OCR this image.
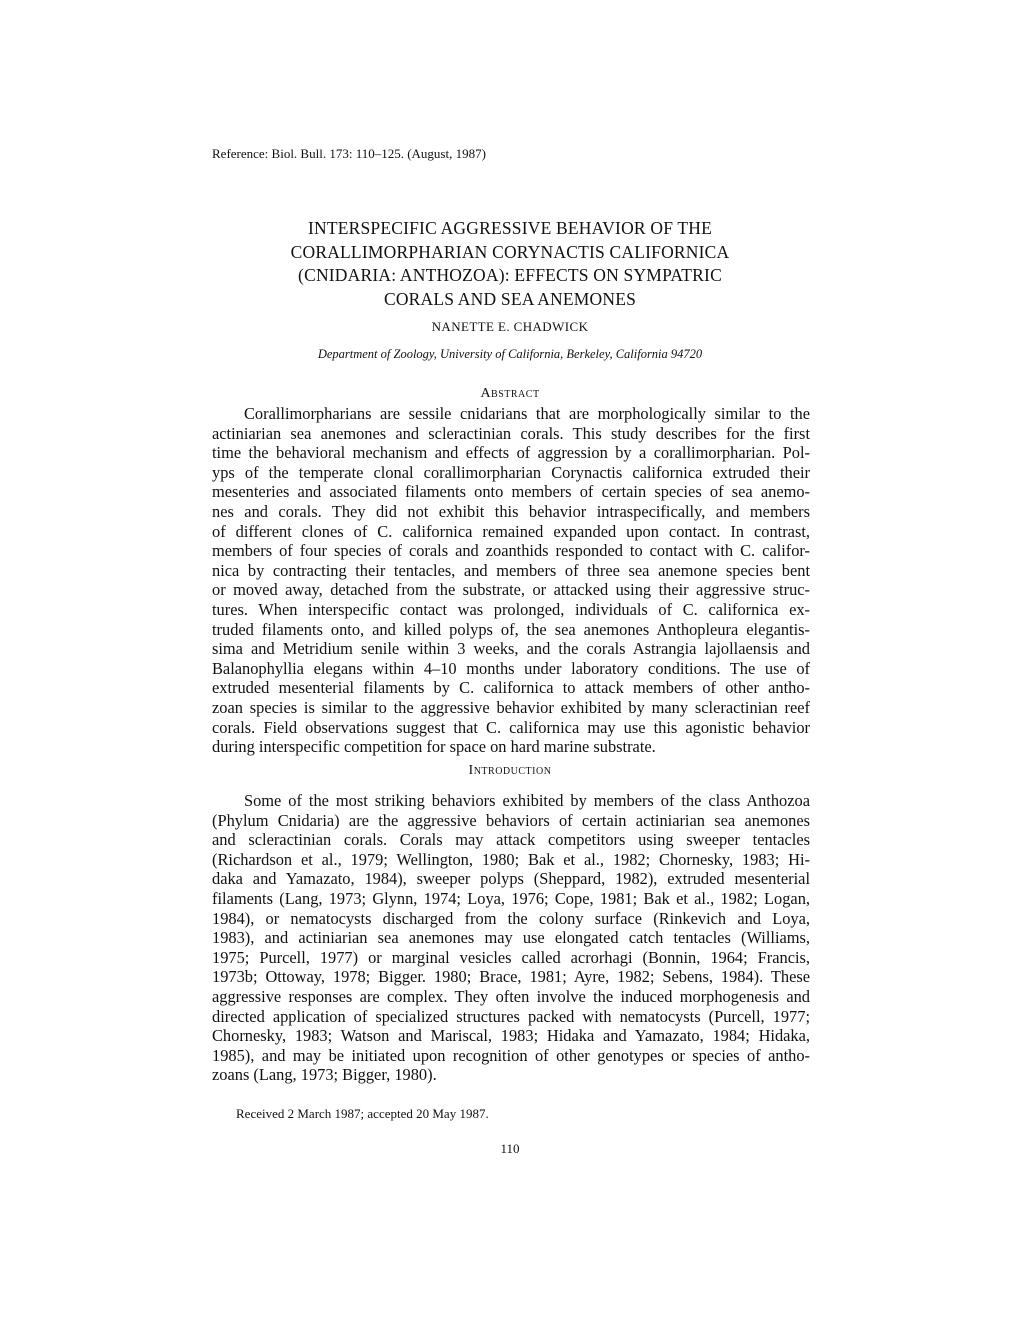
Reference: Biol. Bull. 173: 110–125. (August, 1987)
INTERSPECIFIC AGGRESSIVE BEHAVIOR OF THE
CORALLIMORPHARIAN CORYNACTIS CALIFORNICA
(CNIDARIA: ANTHOZOA): EFFECTS ON SYMPATRIC
CORALS AND SEA ANEMONES
NANETTE E. CHADWICK
Department of Zoology, University of California, Berkeley, California 94720
Abstract
Corallimorpharians are sessile cnidarians that are morphologically similar to the
actiniarian sea anemones and scleractinian corals. This study describes for the first
time the behavioral mechanism and effects of aggression by a corallimorpharian. Pol-
yps of the temperate clonal corallimorpharian Corynactis californica extruded their
mesenteries and associated filaments onto members of certain species of sea anemo-
nes and corals. They did not exhibit this behavior intraspecifically, and members
of different clones of C. californica remained expanded upon contact. In contrast,
members of four species of corals and zoanthids responded to contact with C. califor-
nica by contracting their tentacles, and members of three sea anemone species bent
or moved away, detached from the substrate, or attacked using their aggressive struc-
tures. When interspecific contact was prolonged, individuals of C. californica ex-
truded filaments onto, and killed polyps of, the sea anemones Anthopleura elegantis-
sima and Metridium senile within 3 weeks, and the corals Astrangia lajollaensis and
Balanophyllia elegans within 4–10 months under laboratory conditions. The use of
extruded mesenterial filaments by C. californica to attack members of other antho-
zoan species is similar to the aggressive behavior exhibited by many scleractinian reef
corals. Field observations suggest that C. californica may use this agonistic behavior
during interspecific competition for space on hard marine substrate.
Introduction
Some of the most striking behaviors exhibited by members of the class Anthozoa
(Phylum Cnidaria) are the aggressive behaviors of certain actiniarian sea anemones
and scleractinian corals. Corals may attack competitors using sweeper tentacles
(Richardson et al., 1979; Wellington, 1980; Bak et al., 1982; Chornesky, 1983; Hi-
daka and Yamazato, 1984), sweeper polyps (Sheppard, 1982), extruded mesenterial
filaments (Lang, 1973; Glynn, 1974; Loya, 1976; Cope, 1981; Bak et al., 1982; Logan,
1984), or nematocysts discharged from the colony surface (Rinkevich and Loya,
1983), and actiniarian sea anemones may use elongated catch tentacles (Williams,
1975; Purcell, 1977) or marginal vesicles called acrorhagi (Bonnin, 1964; Francis,
1973b; Ottoway, 1978; Bigger. 1980; Brace, 1981; Ayre, 1982; Sebens, 1984). These
aggressive responses are complex. They often involve the induced morphogenesis and
directed application of specialized structures packed with nematocysts (Purcell, 1977;
Chornesky, 1983; Watson and Mariscal, 1983; Hidaka and Yamazato, 1984; Hidaka,
1985), and may be initiated upon recognition of other genotypes or species of antho-
zoans (Lang, 1973; Bigger, 1980).
Received 2 March 1987; accepted 20 May 1987.
110
